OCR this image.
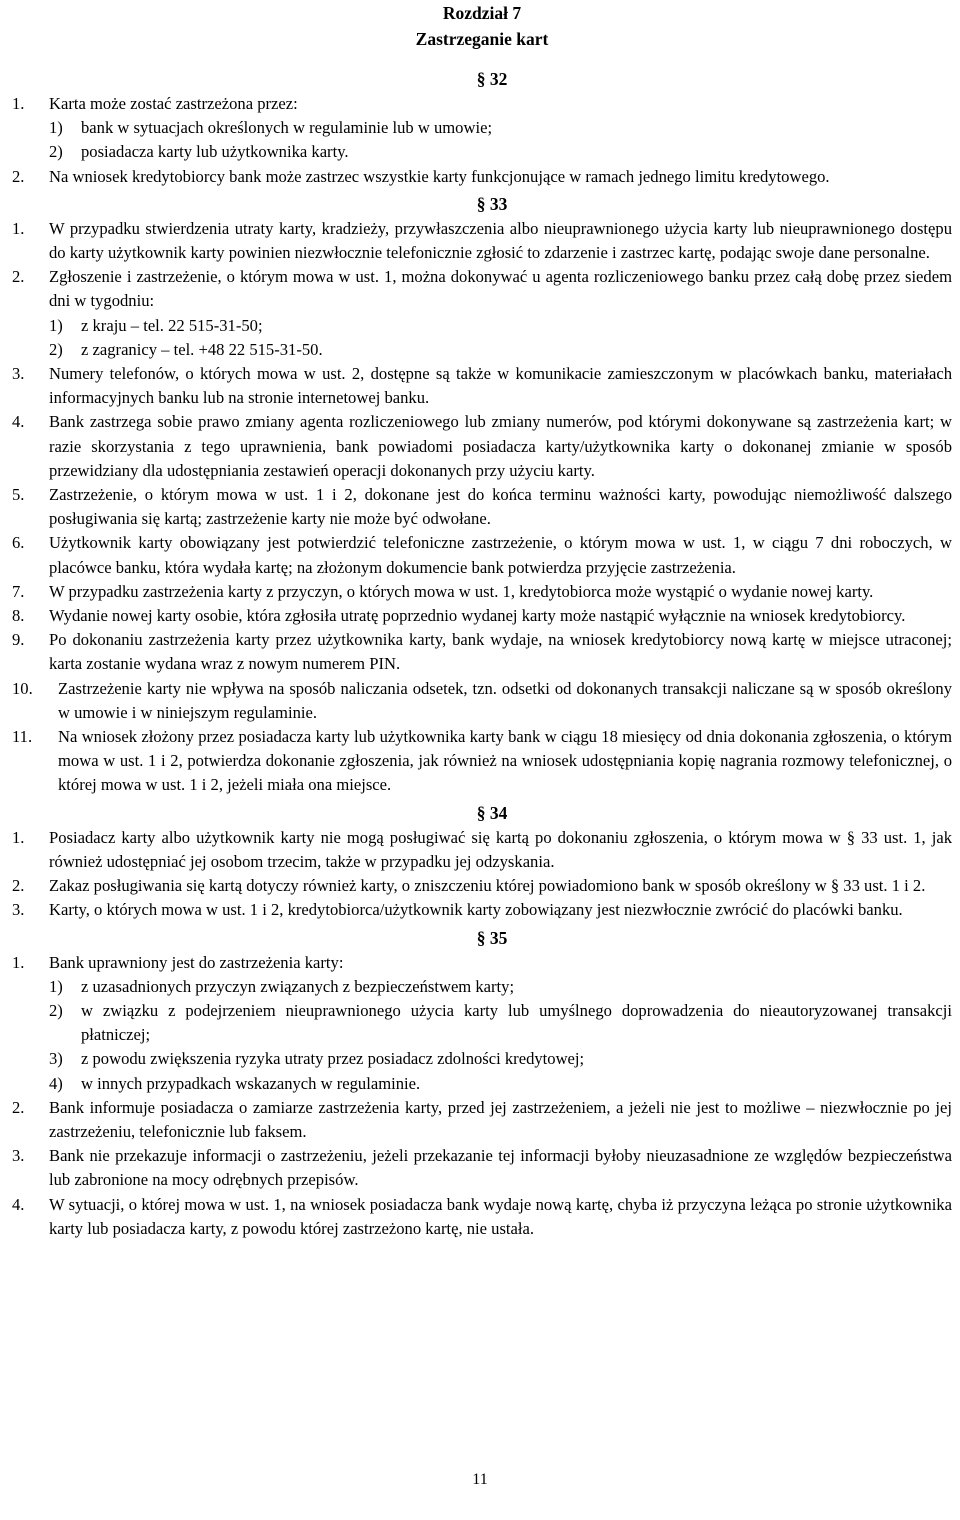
Rozdział 7
Zastrzeganie kart
§ 32
1.	Karta może zostać zastrzeżona przez:
1) bank w sytuacjach określonych w regulaminie lub w umowie;
2) posiadacza karty lub użytkownika karty.
2.	Na wniosek kredytobiorcy bank może zastrzec wszystkie karty funkcjonujące w ramach jednego limitu kredytowego.
§ 33
1.	W przypadku stwierdzenia utraty karty, kradzieży, przywłaszczenia albo nieuprawnionego użycia karty lub nieuprawnionego dostępu do karty użytkownik karty powinien niezwłocznie telefonicznie zgłosić to zdarzenie i zastrzec kartę, podając swoje dane personalne.
2.	Zgłoszenie i zastrzeżenie, o którym mowa w ust. 1, można dokonywać u agenta rozliczeniowego banku przez całą dobę przez siedem dni w tygodniu:
1) z kraju – tel. 22 515-31-50;
2) z zagranicy – tel. +48 22 515-31-50.
3.	Numery telefonów, o których mowa w ust. 2, dostępne są także w komunikacie zamieszczonym w placówkach banku, materiałach informacyjnych banku lub na stronie internetowej banku.
4.	Bank zastrzega sobie prawo zmiany agenta rozliczeniowego lub zmiany numerów, pod którymi dokonywane są zastrzeżenia kart; w razie skorzystania z tego uprawnienia, bank powiadomi posiadacza karty/użytkownika karty o dokonanej zmianie w sposób przewidziany dla udostępniania zestawień operacji dokonanych przy użyciu karty.
5.	Zastrzeżenie, o którym mowa w ust. 1 i 2, dokonane jest do końca terminu ważności karty, powodując niemożliwość dalszego posługiwania się kartą; zastrzeżenie karty nie może być odwołane.
6.	Użytkownik karty obowiązany jest potwierdzić telefoniczne zastrzeżenie, o którym mowa w ust. 1, w ciągu 7 dni roboczych, w placówce banku, która wydała kartę; na złożonym dokumencie bank potwierdza przyjęcie zastrzeżenia.
7.	W przypadku zastrzeżenia karty z przyczyn, o których mowa w ust. 1, kredytobiorca może wystąpić o wydanie nowej karty.
8.	Wydanie nowej karty osobie, która zgłosiła utratę poprzednio wydanej karty może nastąpić wyłącznie na wniosek kredytobiorcy.
9.	Po dokonaniu zastrzeżenia karty przez użytkownika karty, bank wydaje, na wniosek kredytobiorcy nową kartę w miejsce utraconej; karta zostanie wydana wraz z nowym numerem PIN.
10.	Zastrzeżenie karty nie wpływa na sposób naliczania odsetek, tzn. odsetki od dokonanych transakcji naliczane są w sposób określony w umowie i w niniejszym regulaminie.
11.	Na wniosek złożony przez posiadacza karty lub użytkownika karty bank w ciągu 18 miesięcy od dnia dokonania zgłoszenia, o którym mowa w ust. 1 i 2, potwierdza dokonanie zgłoszenia, jak również na wniosek udostępniania kopię nagrania rozmowy telefonicznej, o której mowa w ust. 1 i 2, jeżeli miała ona miejsce.
§ 34
1.	Posiadacz karty albo użytkownik karty nie mogą posługiwać się kartą po dokonaniu zgłoszenia, o którym mowa w § 33 ust. 1, jak również udostępniać jej osobom trzecim, także w przypadku jej odzyskania.
2.	Zakaz posługiwania się kartą dotyczy również karty, o zniszczeniu której powiadomiono bank w sposób określony w § 33 ust. 1 i 2.
3.	Karty, o których mowa w ust. 1 i 2, kredytobiorca/użytkownik karty zobowiązany jest niezwłocznie zwrócić do placówki banku.
§ 35
1.	Bank uprawniony jest do zastrzeżenia karty:
1) z uzasadnionych przyczyn związanych z bezpieczeństwem karty;
2) w związku z podejrzeniem nieuprawnionego użycia karty lub umyślnego doprowadzenia do nieautoryzowanej transakcji płatniczej;
3) z powodu zwiększenia ryzyka utraty przez posiadacz zdolności kredytowej;
4) w innych przypadkach wskazanych w regulaminie.
2.	Bank informuje posiadacza o zamiarze zastrzeżenia karty, przed jej zastrzeżeniem, a jeżeli nie jest to możliwe – niezwłocznie po jej zastrzeżeniu, telefonicznie lub faksem.
3.	Bank nie przekazuje informacji o zastrzeżeniu, jeżeli przekazanie tej informacji byłoby nieuzasadnione ze względów bezpieczeństwa lub zabronione na mocy odrębnych przepisów.
4.	W sytuacji, o której mowa w ust. 1, na wniosek posiadacza bank wydaje nową kartę, chyba iż przyczyna leżąca po stronie użytkownika karty lub posiadacza karty, z powodu której zastrzeżono kartę, nie ustała.
11
